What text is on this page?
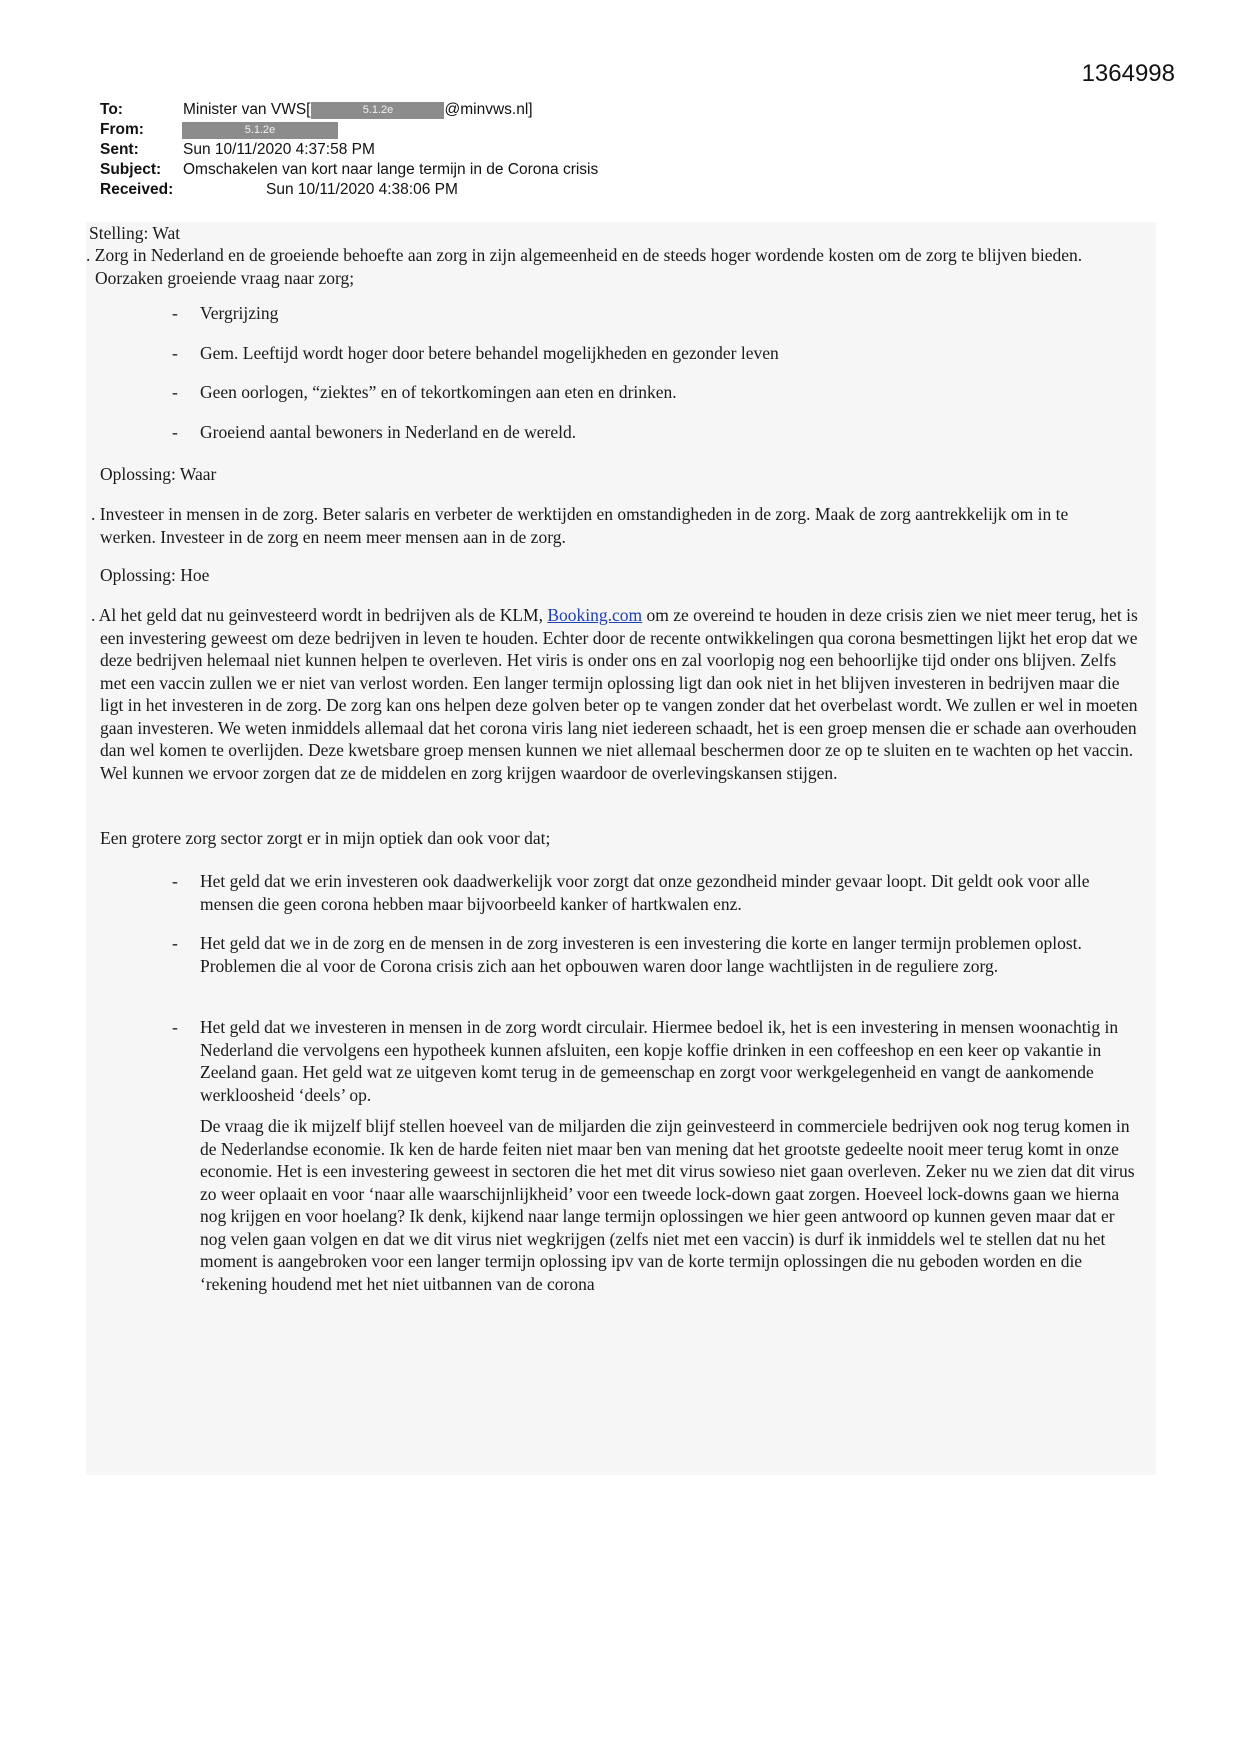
1364998
To:	Minister van VWS[	5.1.2e	@minvws.nl]
From:	5.1.2e
Sent:	Sun 10/11/2020 4:37:58 PM
Subject:	Omschakelen van kort naar lange termijn in de Corona crisis
Received:	Sun 10/11/2020 4:38:06 PM

Stelling: Wat

. Zorg in Nederland en de groeiende behoefte aan zorg in zijn algemeenheid en de steeds hoger wordende kosten om de zorg te blijven bieden. Oorzaken groeiende vraag naar zorg;

- Vergrijzing

- Gem. Leeftijd wordt hoger door betere behandel mogelijkheden en gezonder leven

- Geen oorlogen, “ziektes” en of tekortkomingen aan eten en drinken.

- Groeiend aantal bewoners in Nederland en de wereld.

Oplossing: Waar

. Investeer in mensen in de zorg. Beter salaris en verbeter de werktijden en omstandigheden in de zorg. Maak de zorg aantrekkelijk om in te werken. Investeer in de zorg en neem meer mensen aan in de zorg.

Oplossing: Hoe

. Al het geld dat nu geinvesteerd wordt in bedrijven als de KLM, Booking.com om ze overeind te houden in deze crisis zien we niet meer terug, het is een investering geweest om deze bedrijven in leven te houden. Echter door de recente ontwikkelingen qua corona besmettingen lijkt het erop dat we deze bedrijven helemaal niet kunnen helpen te overleven. Het viris is onder ons en zal voorlopig nog een behoorlijke tijd onder ons blijven. Zelfs met een vaccin zullen we er niet van verlost worden. Een langer termijn oplossing ligt dan ook niet in het blijven investeren in bedrijven maar die ligt in het investeren in de zorg. De zorg kan ons helpen deze golven beter op te vangen zonder dat het overbelast wordt. We zullen er wel in moeten gaan investeren. We weten inmiddels allemaal dat het corona viris lang niet iedereen schaadt, het is een groep mensen die er schade aan overhouden dan wel komen te overlijden. Deze kwetsbare groep mensen kunnen we niet allemaal beschermen door ze op te sluiten en te wachten op het vaccin. Wel kunnen we ervoor zorgen dat ze de middelen en zorg krijgen waardoor de overlevingskansen stijgen.

Een grotere zorg sector zorgt er in mijn optiek dan ook voor dat;

- Het geld dat we erin investeren ook daadwerkelijk voor zorgt dat onze gezondheid minder gevaar loopt. Dit geldt ook voor alle mensen die geen corona hebben maar bijvoorbeeld kanker of hartkwalen enz.

- Het geld dat we in de zorg en de mensen in de zorg investeren is een investering die korte en langer termijn problemen oplost. Problemen die al voor de Corona crisis zich aan het opbouwen waren door lange wachtlijsten in de reguliere zorg.

- Het geld dat we investeren in mensen in de zorg wordt circulair. Hiermee bedoel ik, het is een investering in mensen woonachtig in Nederland die vervolgens een hypotheek kunnen afsluiten, een kopje koffie drinken in een coffeeshop en een keer op vakantie in Zeeland gaan. Het geld wat ze uitgeven komt terug in de gemeenschap en zorgt voor werkgelegenheid en vangt de aankomende werkloosheid ‘deels’ op.

De vraag die ik mijzelf blijf stellen hoeveel van de miljarden die zijn geinvesteerd in commerciele bedrijven ook nog terug komen in de Nederlandse economie. Ik ken de harde feiten niet maar ben van mening dat het grootste gedeelte nooit meer terug komt in onze economie. Het is een investering geweest in sectoren die het met dit virus sowieso niet gaan overleven. Zeker nu we zien dat dit virus zo weer oplaait en voor ‘naar alle waarschijnlijkheid’ voor een tweede lock-down gaat zorgen. Hoeveel lock-downs gaan we hierna nog krijgen en voor hoelang? Ik denk, kijkend naar lange termijn oplossingen we hier geen antwoord op kunnen geven maar dat er nog velen gaan volgen en dat we dit virus niet wegkrijgen (zelfs niet met een vaccin) is durf ik inmiddels wel te stellen dat nu het moment is aangebroken voor een langer termijn oplossing ipv van de korte termijn oplossingen die nu geboden worden en die ‘rekening houdend met het niet uitbannen van de corona
